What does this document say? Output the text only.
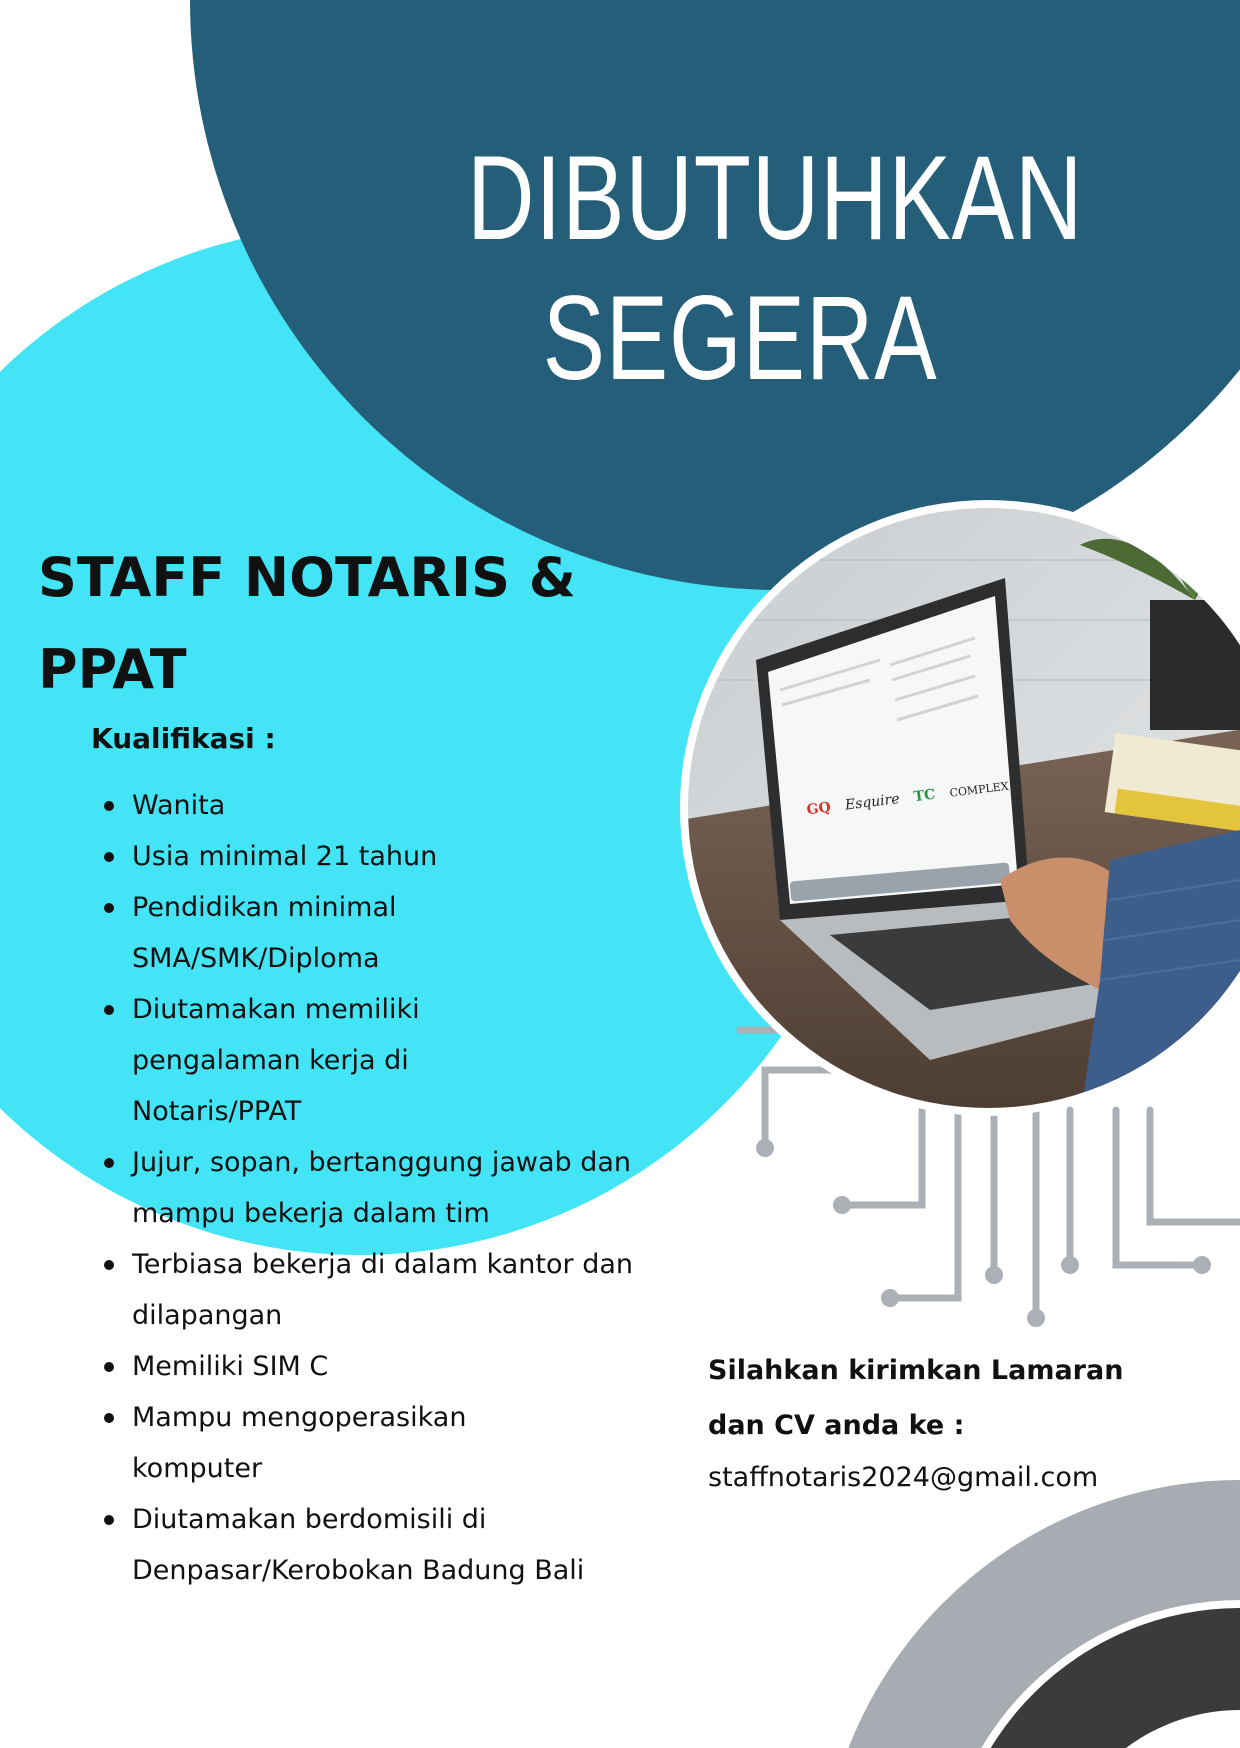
GQ Esquire TC COMPLEX
DIBUTUHKAN
SEGERA
STAFF NOTARIS &
PPAT
Kualifikasi :
Wanita
Usia minimal 21 tahun
Pendidikan minimal SMA/SMK/Diploma
Diutamakan memiliki pengalaman kerja di Notaris/PPAT
Jujur, sopan, bertanggung jawab dan mampu bekerja dalam tim
Terbiasa bekerja di dalam kantor dan dilapangan
Memiliki SIM C
Mampu mengoperasikan komputer
Diutamakan berdomisili di Denpasar/Kerobokan Badung Bali
Silahkan kirimkan Lamaran
dan CV anda ke :
staffnotaris2024@gmail.com
